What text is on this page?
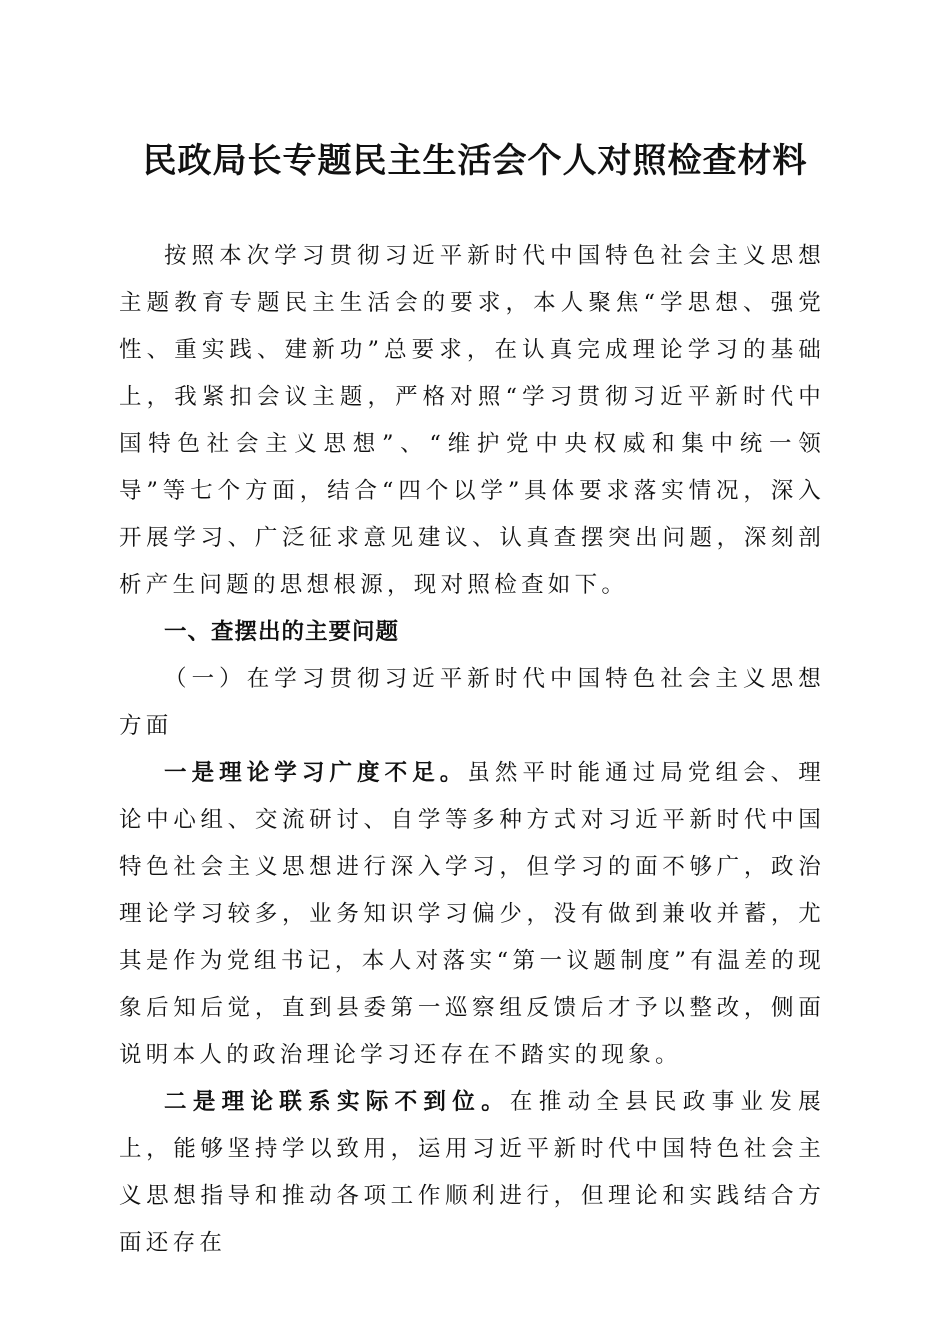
民政局长专题民主生活会个人对照检查材料

按照本次学习贯彻习近平新时代中国特色社会主义思想主题教育专题民主生活会的要求，本人聚焦“学思想、强党性、重实践、建新功”总要求，在认真完成理论学习的基础上，我紧扣会议主题，严格对照“学习贯彻习近平新时代中国特色社会主义思想”、“维护党中央权威和集中统一领导”等七个方面，结合“四个以学”具体要求落实情况，深入开展学习、广泛征求意见建议、认真查摆突出问题，深刻剖析产生问题的思想根源，现对照检查如下。

一、查摆出的主要问题

（一）在学习贯彻习近平新时代中国特色社会主义思想方面

一是理论学习广度不足。虽然平时能通过局党组会、理论中心组、交流研讨、自学等多种方式对习近平新时代中国特色社会主义思想进行深入学习，但学习的面不够广，政治理论学习较多，业务知识学习偏少，没有做到兼收并蓄，尤其是作为党组书记，本人对落实“第一议题制度”有温差的现象后知后觉，直到县委第一巡察组反馈后才予以整改，侧面说明本人的政治理论学习还存在不踏实的现象。

二是理论联系实际不到位。在推动全县民政事业发展上，能够坚持学以致用，运用习近平新时代中国特色社会主义思想指导和推动各项工作顺利进行，但理论和实践结合方面还存在
